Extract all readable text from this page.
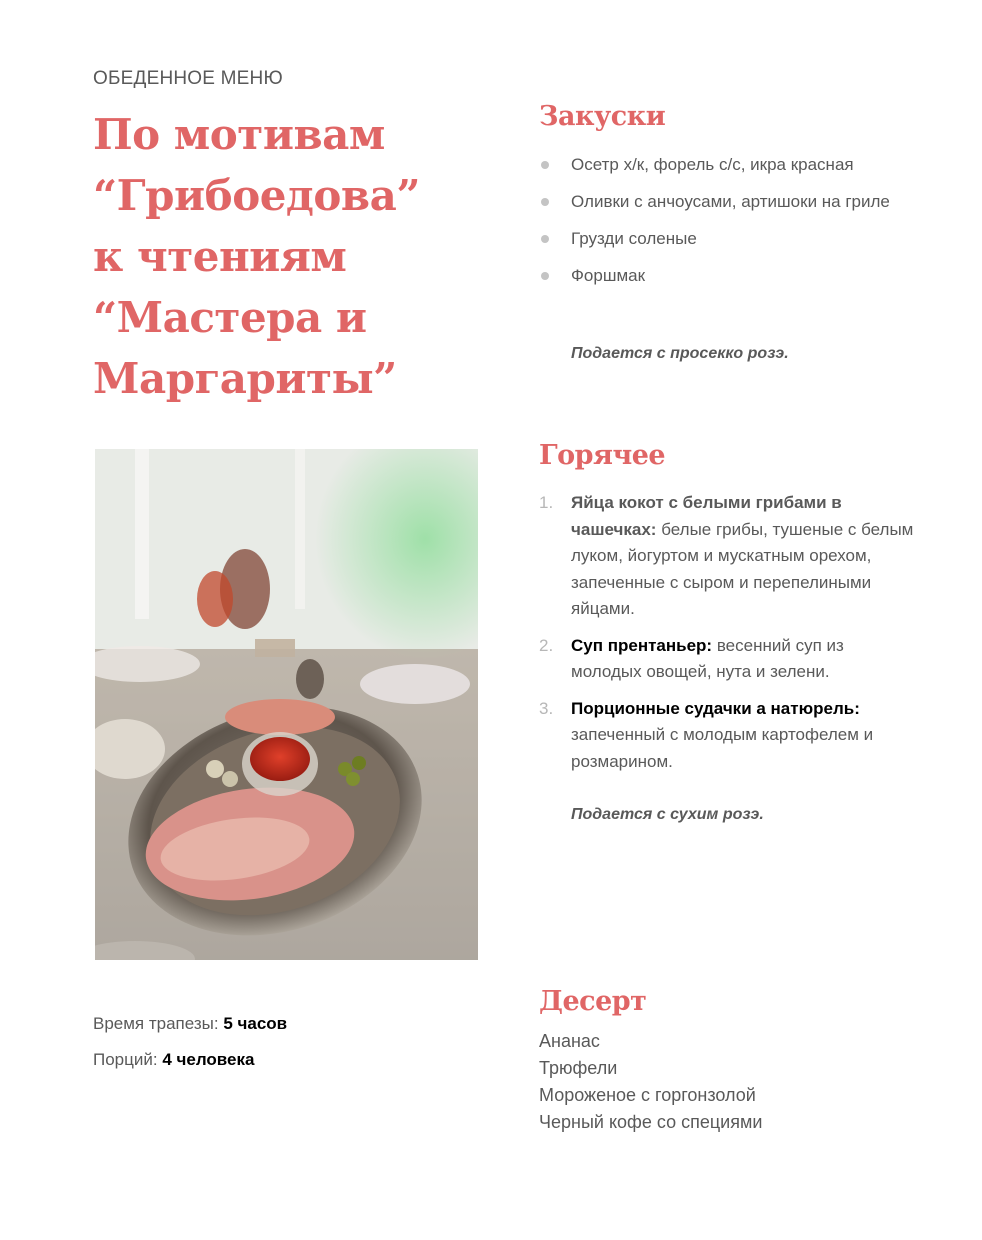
ОБЕДЕННОЕ МЕНЮ
По мотивам
“Грибоедова”
к чтениям
“Мастера и
Маргариты”
Время трапезы: 5 часов
Порций: 4 человека
Закуски
Осетр х/к, форель с/с, икра красная
Оливки с анчоусами, артишоки на гриле
Грузди соленые
Форшмак
Подается с просекко розэ.
Горячее
1. Яйца кокот с белыми грибами в чашечках: белые грибы, тушеные с белым луком, йогуртом и мускатным орехом, запеченные с сыром и перепелиными яйцами.
2. Суп прентаньер: весенний суп из молодых овощей, нута и зелени.
3. Порционные судачки а натюрель: запеченный с молодым картофелем и розмарином.
Подается с сухим розэ.
Десерт
Ананас
Трюфели
Мороженое с горгонзолой
Черный кофе со специями
